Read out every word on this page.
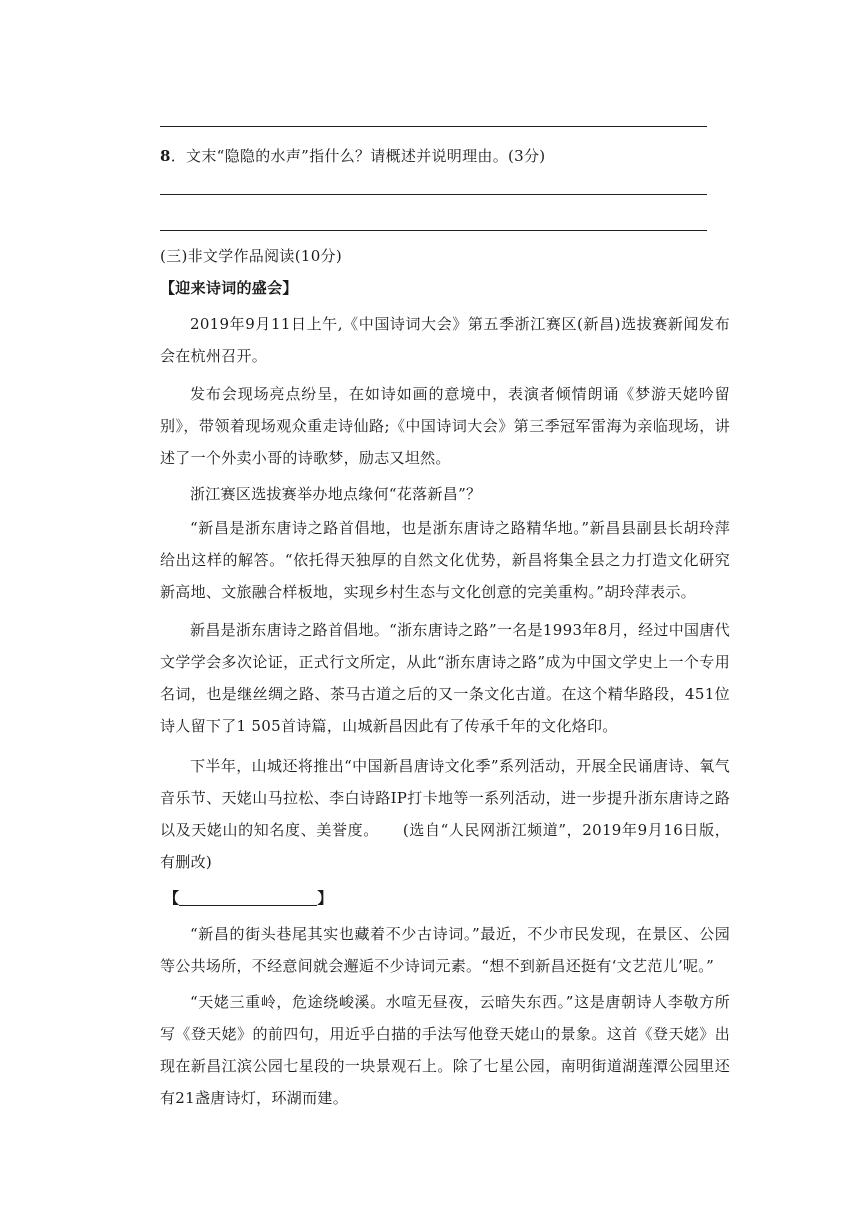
8．文末“隐隐的水声”指什么？请概述并说明理由。(3分)
(三)非文学作品阅读(10分)
【迎来诗词的盛会】
2019年9月11日上午,《中国诗词大会》第五季浙江赛区(新昌)选拔赛新闻发布会在杭州召开。
发布会现场亮点纷呈，在如诗如画的意境中，表演者倾情朗诵《梦游天姥吟留别》，带领着现场观众重走诗仙路;《中国诗词大会》第三季冠军雷海为亲临现场，讲述了一个外卖小哥的诗歌梦，励志又坦然。
浙江赛区选拔赛举办地点缘何“花落新昌”？
“新昌是浙东唐诗之路首倡地，也是浙东唐诗之路精华地。”新昌县副县长胡玲萍给出这样的解答。“依托得天独厚的自然文化优势，新昌将集全县之力打造文化研究新高地、文旅融合样板地，实现乡村生态与文化创意的完美重构。”胡玲萍表示。
新昌是浙东唐诗之路首倡地。“浙东唐诗之路”一名是1993年8月，经过中国唐代文学学会多次论证，正式行文所定，从此“浙东唐诗之路”成为中国文学史上一个专用名词，也是继丝绸之路、茶马古道之后的又一条文化古道。在这个精华路段，451位诗人留下了1 505首诗篇，山城新昌因此有了传承千年的文化烙印。
下半年，山城还将推出“中国新昌唐诗文化季”系列活动，开展全民诵唐诗、氧气音乐节、天姥山马拉松、李白诗路IP打卡地等一系列活动，进一步提升浙东唐诗之路以及天姥山的知名度、美誉度。 (选自“人民网浙江频道”，2019年9月16日版，有删改)
【	】
“新昌的街头巷尾其实也藏着不少古诗词。”最近，不少市民发现，在景区、公园等公共场所，不经意间就会邂逅不少诗词元素。“想不到新昌还挺有‘文艺范儿’呢。”
“天姥三重岭，危途绕峻溪。水喧无昼夜，云暗失东西。”这是唐朝诗人李敬方所写《登天姥》的前四句，用近乎白描的手法写他登天姥山的景象。这首《登天姥》出现在新昌江滨公园七星段的一块景观石上。除了七星公园，南明街道湖莲潭公园里还有21盏唐诗灯，环湖而建。
